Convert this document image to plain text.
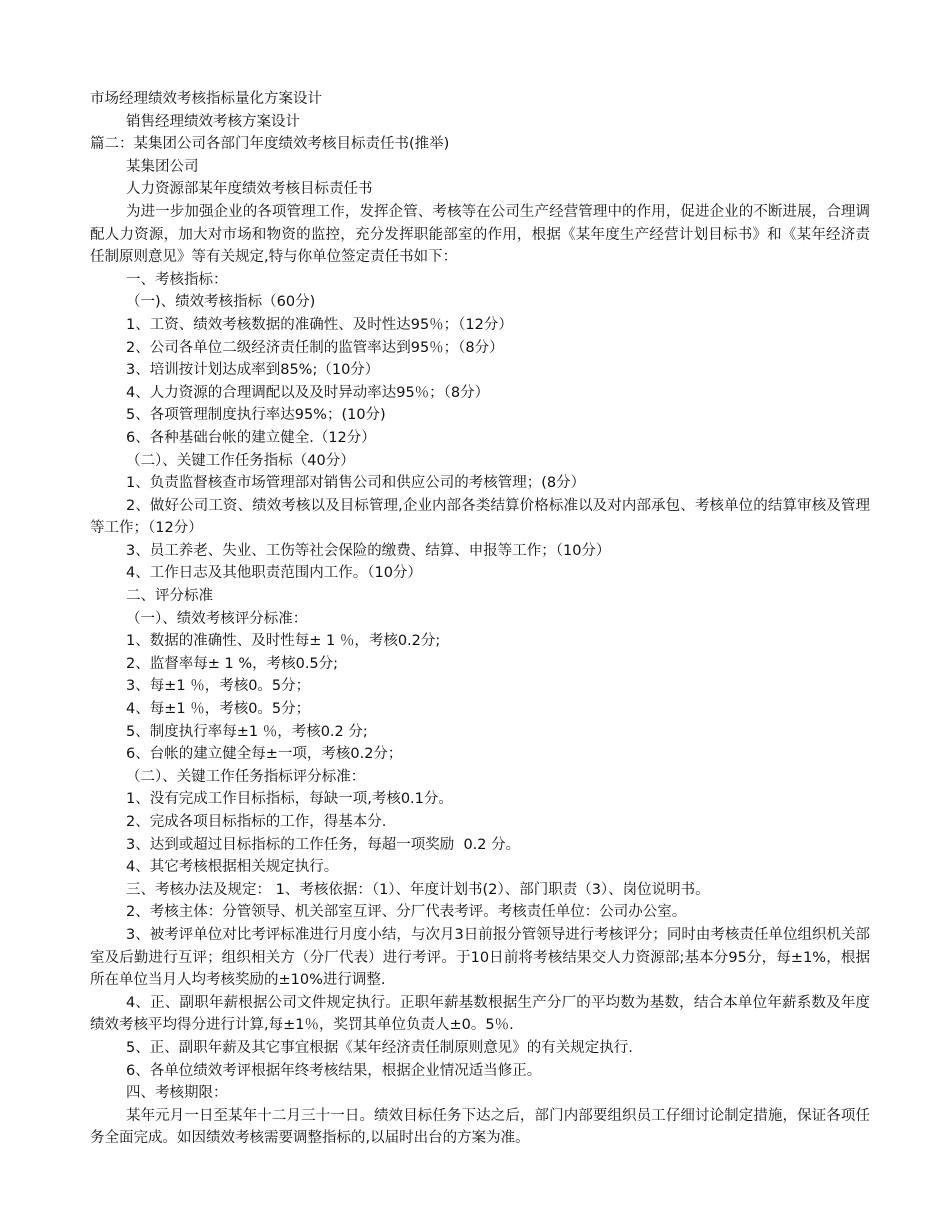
市场经理绩效考核指标量化方案设计

销售经理绩效考核方案设计

篇二：某集团公司各部门年度绩效考核目标责任书(推举)

某集团公司

人力资源部某年度绩效考核目标责任书

为进一步加强企业的各项管理工作，发挥企管、考核等在公司生产经营管理中的作用，促进企业的不断进展，合理调配人力资源，加大对市场和物资的监控，充分发挥职能部室的作用，根据《某年度生产经营计划目标书》和《某年经济责任制原则意见》等有关规定,特与你单位签定责任书如下：

一、考核指标：

（一)、绩效考核指标（60分)

1、工资、绩效考核数据的准确性、及时性达95％；（12分）

2、公司各单位二级经济责任制的监管率达到95％；（8分）

3、培训按计划达成率到85%;（10分）

4、人力资源的合理调配以及及时异动率达95％；（8分）

5、各项管理制度执行率达95%；(10分)

6、各种基础台帐的建立健全.（12分）

（二）、关键工作任务指标（40分）

1、负责监督核查市场管理部对销售公司和供应公司的考核管理；(8分）

2、做好公司工资、绩效考核以及目标管理,企业内部各类结算价格标准以及对内部承包、考核单位的结算审核及管理等工作；（12分）

3、员工养老、失业、工伤等社会保险的缴费、结算、申报等工作；（10分）

4、工作日志及其他职责范围内工作。（10分）

二、评分标准

（一）、绩效考核评分标准：

1、数据的准确性、及时性每± 1 ％，考核0.2分;

2、监督率每± 1 %，考核0.5分;

3、每±1 ％，考核0。5分；

4、每±1 ％，考核0。5分；

5、制度执行率每±1 ％，考核0.2 分;

6、台帐的建立健全每±一项，考核0.2分；

（二）、关键工作任务指标评分标准：

1、没有完成工作目标指标，每缺一项,考核0.1分。

2、完成各项目标指标的工作，得基本分.

3、达到或超过目标指标的工作任务，每超一项奖励  0.2 分。

4、其它考核根据相关规定执行。

三、考核办法及规定： 1、考核依据：（1）、年度计划书(2）、部门职责（3）、岗位说明书。

2、考核主体：分管领导、机关部室互评、分厂代表考评。考核责任单位：公司办公室。

3、被考评单位对比考评标准进行月度小结，与次月3日前报分管领导进行考核评分；同时由考核责任单位组织机关部室及后勤进行互评；组织相关方（分厂代表）进行考评。于10日前将考核结果交人力资源部;基本分95分，每±1%，根据所在单位当月人均考核奖励的±10%进行调整.

4、正、副职年薪根据公司文件规定执行。正职年薪基数根据生产分厂的平均数为基数，结合本单位年薪系数及年度绩效考核平均得分进行计算,每±1％，奖罚其单位负责人±0。5％.

5、正、副职年薪及其它事宜根据《某年经济责任制原则意见》的有关规定执行.

6、各单位绩效考评根据年终考核结果，根据企业情况适当修正。

四、考核期限：

某年元月一日至某年十二月三十一日。绩效目标任务下达之后，部门内部要组织员工仔细讨论制定措施，保证各项任务全面完成。如因绩效考核需要调整指标的,以届时出台的方案为准。
